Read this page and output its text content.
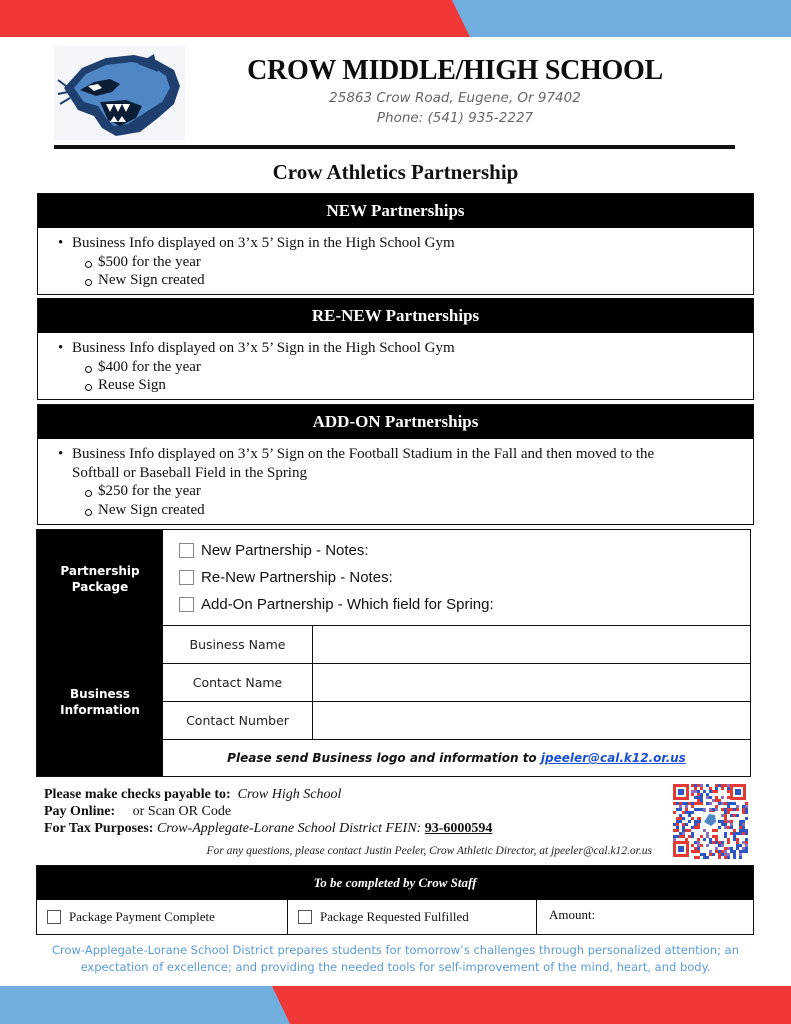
CROW MIDDLE/HIGH SCHOOL
25863 Crow Road, Eugene, Or 97402
Phone: (541) 935-2227
Crow Athletics Partnership
NEW Partnerships
• Business Info displayed on 3’x 5’ Sign in the High School Gym
$500 for the year
New Sign created
RE-NEW Partnerships
• Business Info displayed on 3’x 5’ Sign in the High School Gym
$400 for the year
Reuse Sign
ADD-ON Partnerships
• Business Info displayed on 3’x 5’ Sign on the Football Stadium in the Fall and then moved to the
Softball or Baseball Field in the Spring
$250 for the year
New Sign created
Partnership
Package
Business
Information
New Partnership - Notes:
Re-New Partnership - Notes:
Add-On Partnership - Which field for Spring:
Business Name
Contact Name
Contact Number
Please send Business logo and information to jpeeler@cal.k12.or.us
Please make checks payable to: Crow High School
Pay Online: or Scan OR Code
For Tax Purposes: Crow-Applegate-Lorane School District FEIN: 93-6000594
For any questions, please contact Justin Peeler, Crow Athletic Director, at jpeeler@cal.k12.or.us
To be completed by Crow Staff
Package Payment Complete	Package Requested Fulfilled	Amount:
Crow-Applegate-Lorane School District prepares students for tomorrow’s challenges through personalized attention; an
expectation of excellence; and providing the needed tools for self-improvement of the mind, heart, and body.
